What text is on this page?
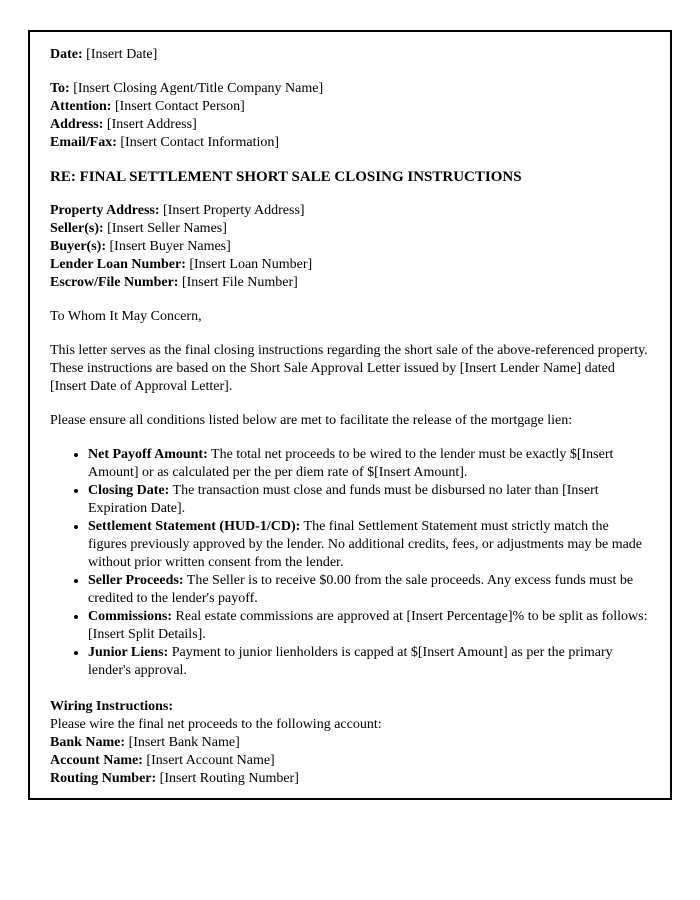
Date: [Insert Date]

To: [Insert Closing Agent/Title Company Name]

Attention: [Insert Contact Person]

Address: [Insert Address]

Email/Fax: [Insert Contact Information]

RE: FINAL SETTLEMENT SHORT SALE CLOSING INSTRUCTIONS

Property Address: [Insert Property Address]

Seller(s): [Insert Seller Names]

Buyer(s): [Insert Buyer Names]

Lender Loan Number: [Insert Loan Number]

Escrow/File Number: [Insert File Number]

To Whom It May Concern,

This letter serves as the final closing instructions regarding the short sale of the above-referenced property. These instructions are based on the Short Sale Approval Letter issued by [Insert Lender Name] dated [Insert Date of Approval Letter].

Please ensure all conditions listed below are met to facilitate the release of the mortgage lien:

• Net Payoff Amount: The total net proceeds to be wired to the lender must be exactly $[Insert Amount] or as calculated per the per diem rate of $[Insert Amount].
• Closing Date: The transaction must close and funds must be disbursed no later than [Insert Expiration Date].
• Settlement Statement (HUD-1/CD): The final Settlement Statement must strictly match the figures previously approved by the lender. No additional credits, fees, or adjustments may be made without prior written consent from the lender.
• Seller Proceeds: The Seller is to receive $0.00 from the sale proceeds. Any excess funds must be credited to the lender's payoff.
• Commissions: Real estate commissions are approved at [Insert Percentage]% to be split as follows: [Insert Split Details].
• Junior Liens: Payment to junior lienholders is capped at $[Insert Amount] as per the primary lender's approval.

Wiring Instructions:

Please wire the final net proceeds to the following account:

Bank Name: [Insert Bank Name]

Account Name: [Insert Account Name]

Routing Number: [Insert Routing Number]
